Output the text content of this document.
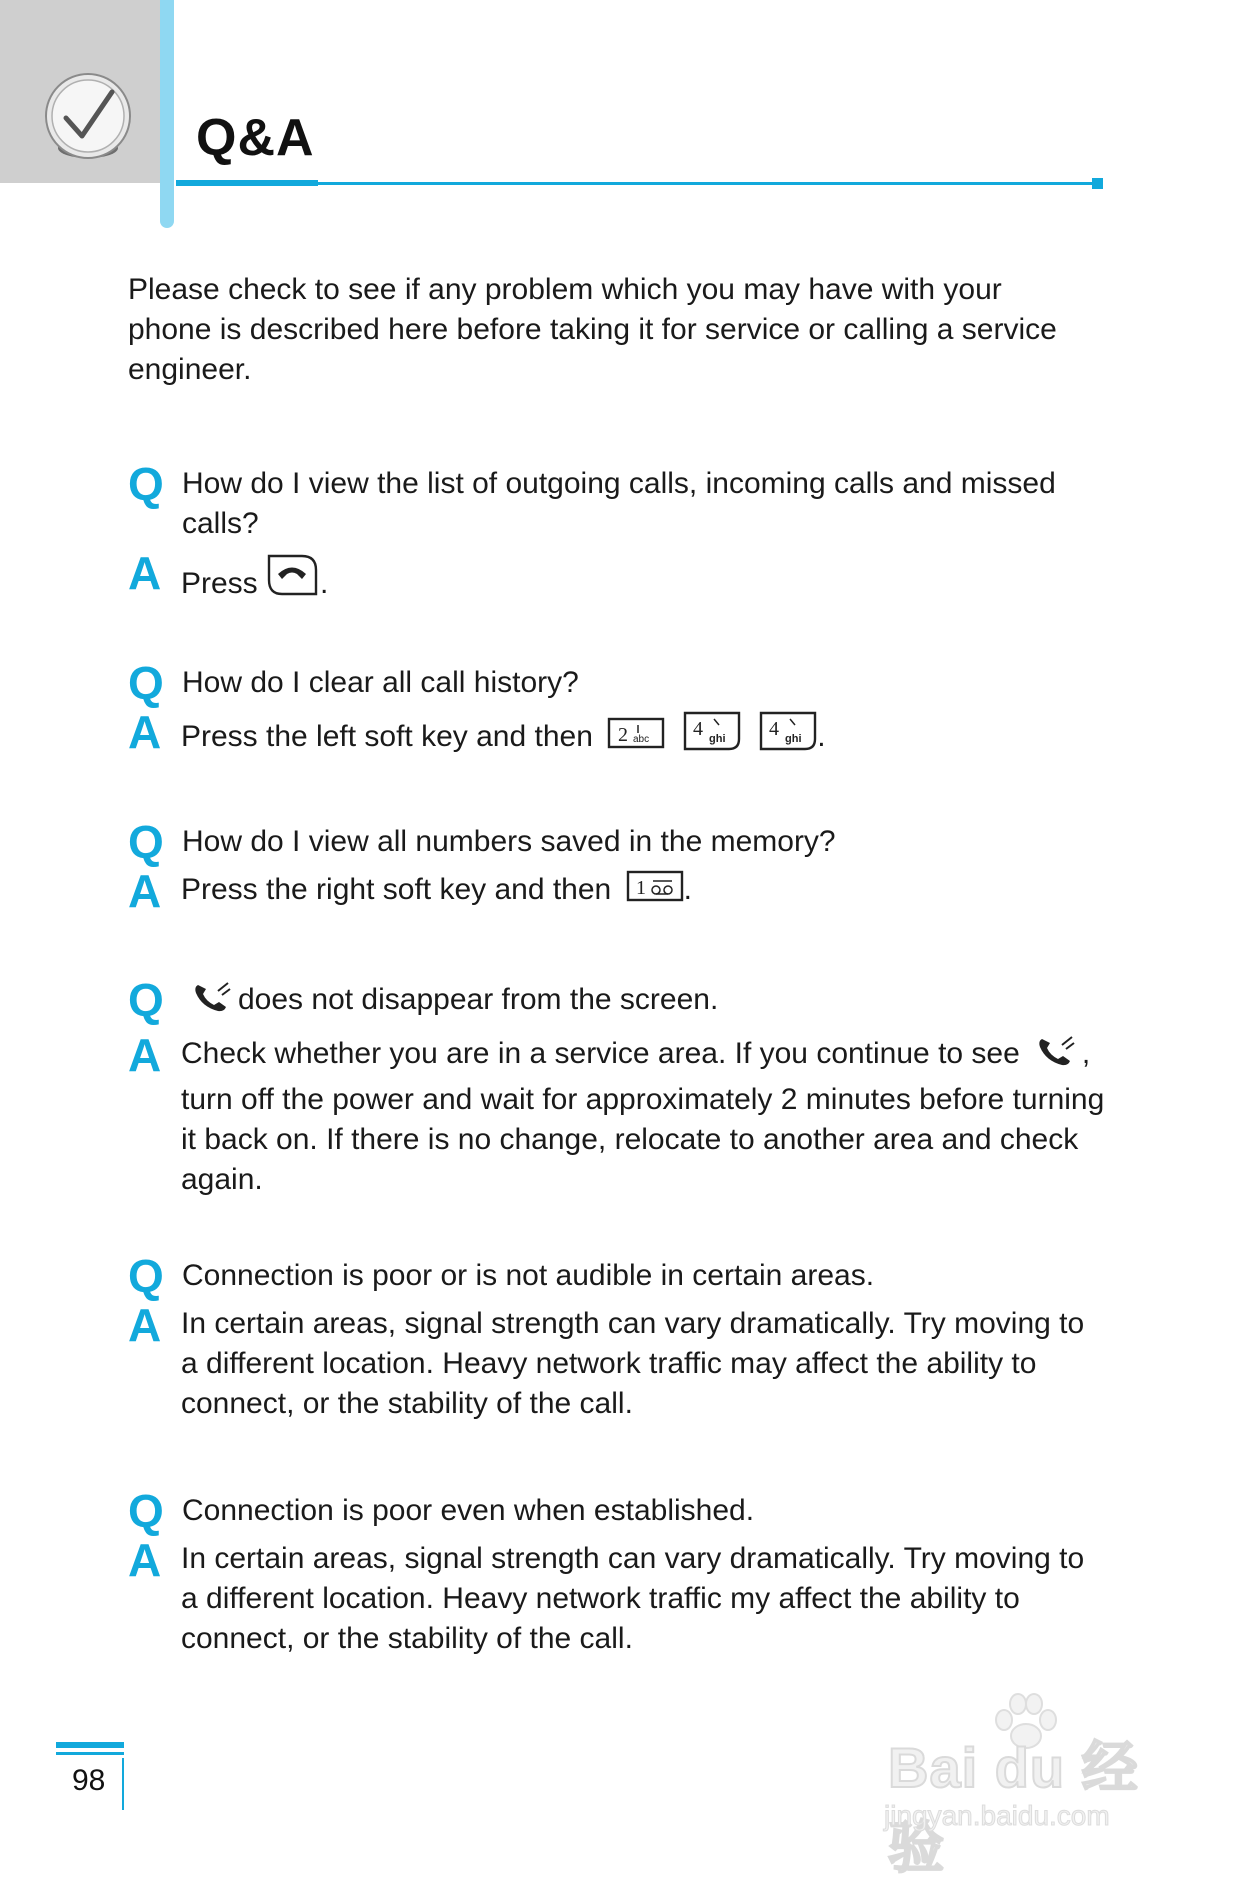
Q&A
Please check to see if any problem which you may have with your phone is described here before taking it for service or calling a service engineer.
Q How do I view the list of outgoing calls, incoming calls and missed calls?
A Press
.
Q How do I clear all call history?
A Press the left soft key and then 2 abc 4 ghi 4 ghi .
Q How do I view all numbers saved in the memory?
A Press the right soft key and then 1 .
Q	does not disappear from the screen.
A Check whether you are in a service area. If you continue to see , turn off the power and wait for approximately 2 minutes before turning it back on. If there is no change, relocate to another area and check again.
Q Connection is poor or is not audible in certain areas.
A In certain areas, signal strength can vary dramatically. Try moving to a different location. Heavy network traffic may affect the ability to connect, or the stability of the call.
Q Connection is poor even when established.
A In certain areas, signal strength can vary dramatically. Try moving to a different location. Heavy network traffic my affect the ability to connect, or the stability of the call.
98	Bai du 经验
jingyan.baidu.com
